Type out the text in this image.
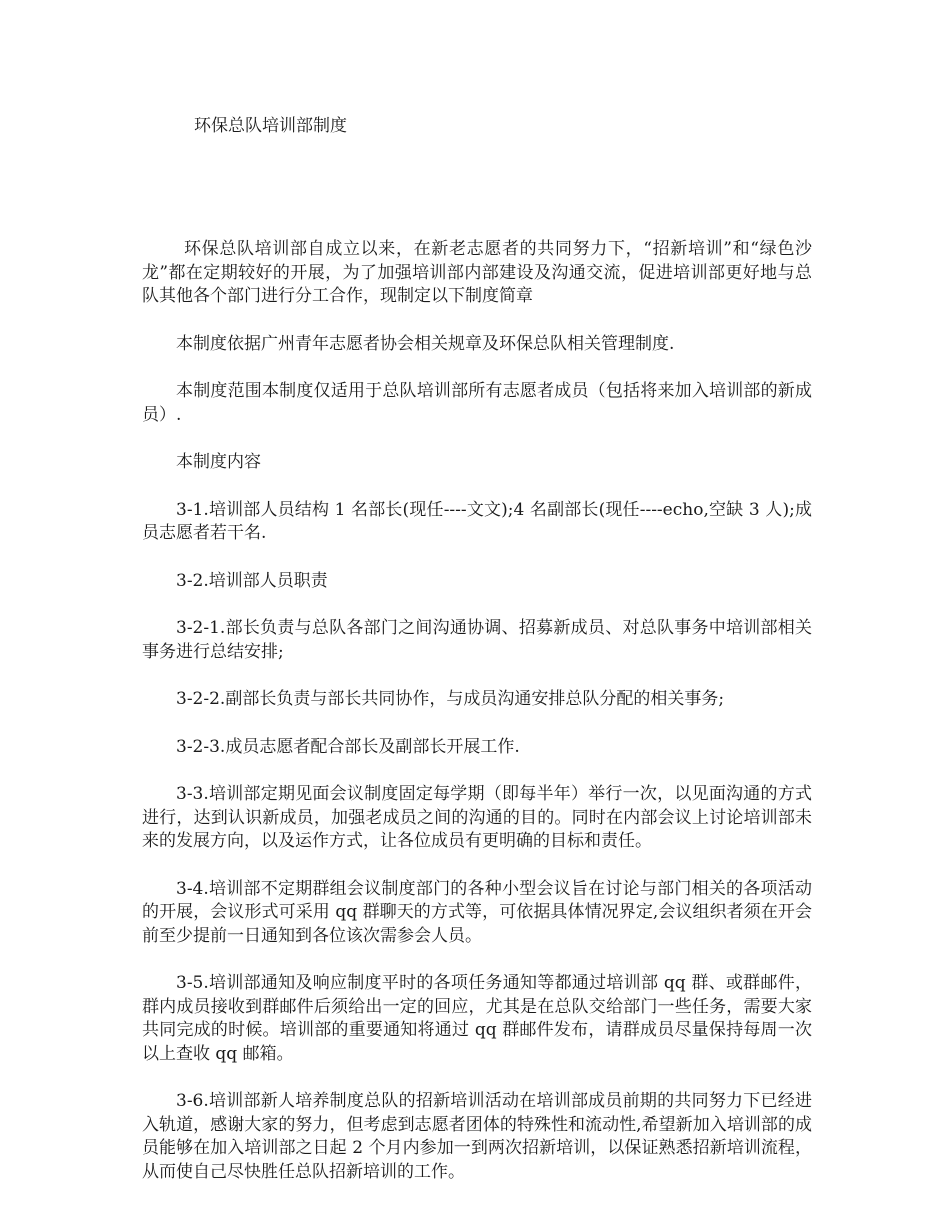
环保总队培训部制度

环保总队培训部自成立以来，在新老志愿者的共同努力下，“招新培训”和“绿色沙龙”都在定期较好的开展，为了加强培训部内部建设及沟通交流，促进培训部更好地与总队其他各个部门进行分工合作，现制定以下制度简章

本制度依据广州青年志愿者协会相关规章及环保总队相关管理制度.

本制度范围本制度仅适用于总队培训部所有志愿者成员（包括将来加入培训部的新成员）.

本制度内容

3-1.培训部人员结构 1 名部长(现任----文文);4 名副部长(现任----echo,空缺 3 人);成员志愿者若干名.

3-2.培训部人员职责

3-2-1.部长负责与总队各部门之间沟通协调、招募新成员、对总队事务中培训部相关事务进行总结安排;

3-2-2.副部长负责与部长共同协作，与成员沟通安排总队分配的相关事务;

3-2-3.成员志愿者配合部长及副部长开展工作.

3-3.培训部定期见面会议制度固定每学期（即每半年）举行一次，以见面沟通的方式进行，达到认识新成员，加强老成员之间的沟通的目的。同时在内部会议上讨论培训部未来的发展方向，以及运作方式，让各位成员有更明确的目标和责任。

3-4.培训部不定期群组会议制度部门的各种小型会议旨在讨论与部门相关的各项活动的开展，会议形式可采用 qq 群聊天的方式等，可依据具体情况界定,会议组织者须在开会前至少提前一日通知到各位该次需参会人员。

3-5.培训部通知及响应制度平时的各项任务通知等都通过培训部 qq 群、或群邮件，群内成员接收到群邮件后须给出一定的回应，尤其是在总队交给部门一些任务，需要大家共同完成的时候。培训部的重要通知将通过 qq 群邮件发布，请群成员尽量保持每周一次以上查收 qq 邮箱。

3-6.培训部新人培养制度总队的招新培训活动在培训部成员前期的共同努力下已经进入轨道，感谢大家的努力，但考虑到志愿者团体的特殊性和流动性,希望新加入培训部的成员能够在加入培训部之日起 2 个月内参加一到两次招新培训，以保证熟悉招新培训流程，从而使自己尽快胜任总队招新培训的工作。
